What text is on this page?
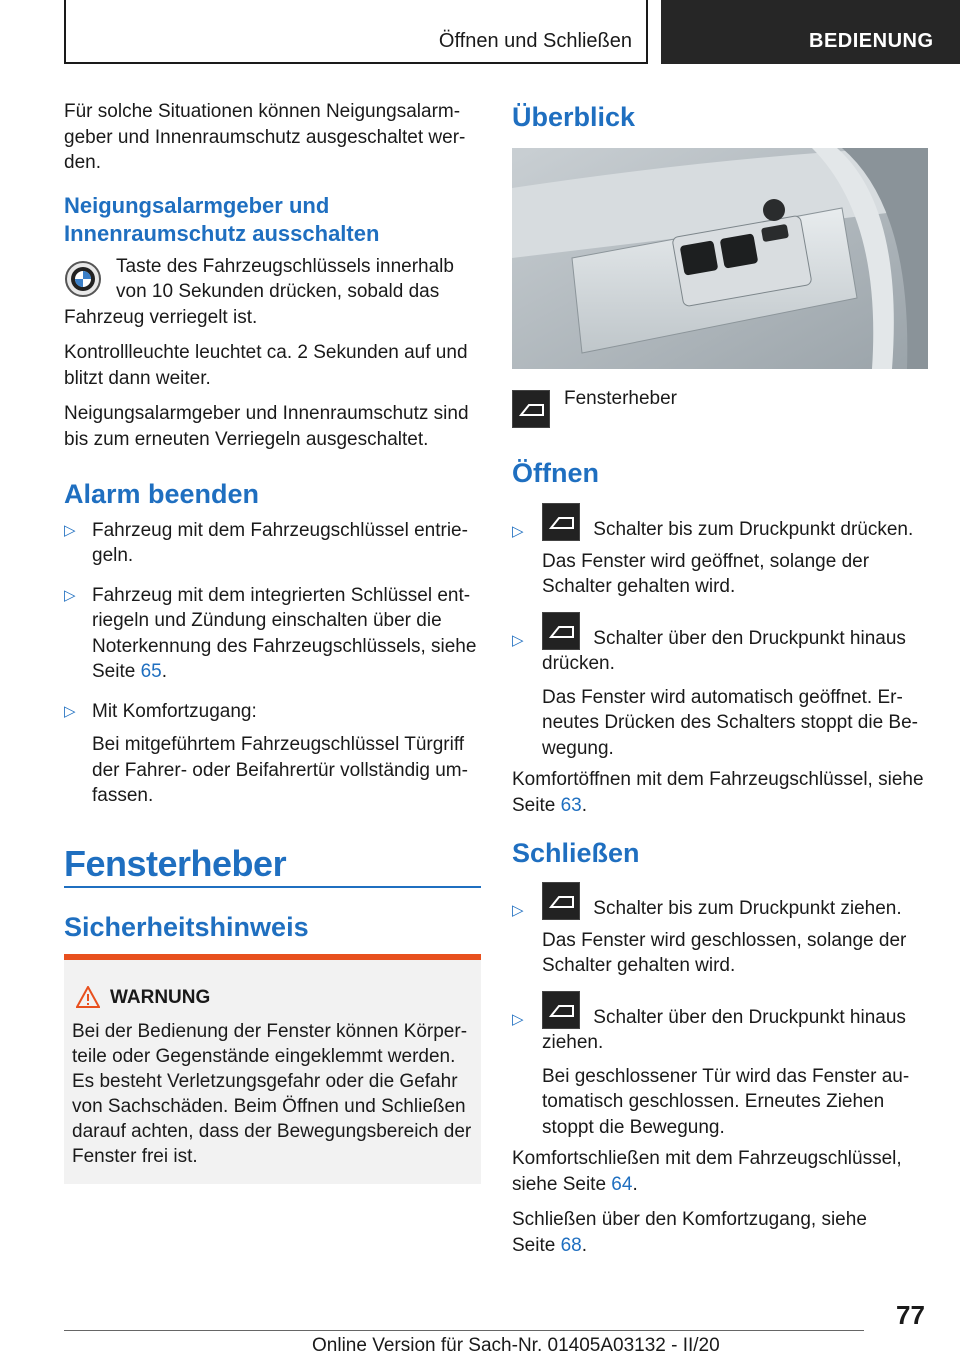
Öffnen und Schließen	BEDIENUNG

Für solche Situationen können Neigungsalarm-
geber und Innenraumschutz ausgeschaltet wer-
den.

Neigungsalarmgeber und
Innenraumschutz ausschalten

Taste des Fahrzeugschlüssels innerhalb
von 10 Sekunden drücken, sobald das

Fahrzeug verriegelt ist.

Kontrollleuchte leuchtet ca. 2 Sekunden auf und
blitzt dann weiter.

Neigungsalarmgeber und Innenraumschutz sind
bis zum erneuten Verriegeln ausgeschaltet.

Alarm beenden

▷ Fahrzeug mit dem Fahrzeugschlüssel entrie-
geln.
▷ Fahrzeug mit dem integrierten Schlüssel ent-
riegeln und Zündung einschalten über die
Noterkennung des Fahrzeugschlüssels, siehe
Seite 65.
▷ Mit Komfortzugang:

Bei mitgeführtem Fahrzeugschlüssel Türgriff
der Fahrer- oder Beifahrertür vollständig um-
fassen.

Fensterheber

Sicherheitshinweis

WARNUNG
Bei der Bedienung der Fenster können Körper-
teile oder Gegenstände eingeklemmt werden.
Es besteht Verletzungsgefahr oder die Gefahr
von Sachschäden. Beim Öffnen und Schließen
darauf achten, dass der Bewegungsbereich der
Fenster frei ist.

Überblick

Fensterheber

Öffnen

▷	Schalter bis zum Druckpunkt drücken.

Das Fenster wird geöffnet, solange der
Schalter gehalten wird.

▷	Schalter über den Druckpunkt hinaus

drücken.

Das Fenster wird automatisch geöffnet. Er-
neutes Drücken des Schalters stoppt die Be-
wegung.

Komfortöffnen mit dem Fahrzeugschlüssel, siehe
Seite 63.

Schließen

▷	Schalter bis zum Druckpunkt ziehen.

Das Fenster wird geschlossen, solange der
Schalter gehalten wird.

▷	Schalter über den Druckpunkt hinaus

ziehen.

Bei geschlossener Tür wird das Fenster au-
tomatisch geschlossen. Erneutes Ziehen
stoppt die Bewegung.

Komfortschließen mit dem Fahrzeugschlüssel,
siehe Seite 64.

Schließen über den Komfortzugang, siehe
Seite 68.

77
Online Version für Sach-Nr. 01405A03132 - II/20
